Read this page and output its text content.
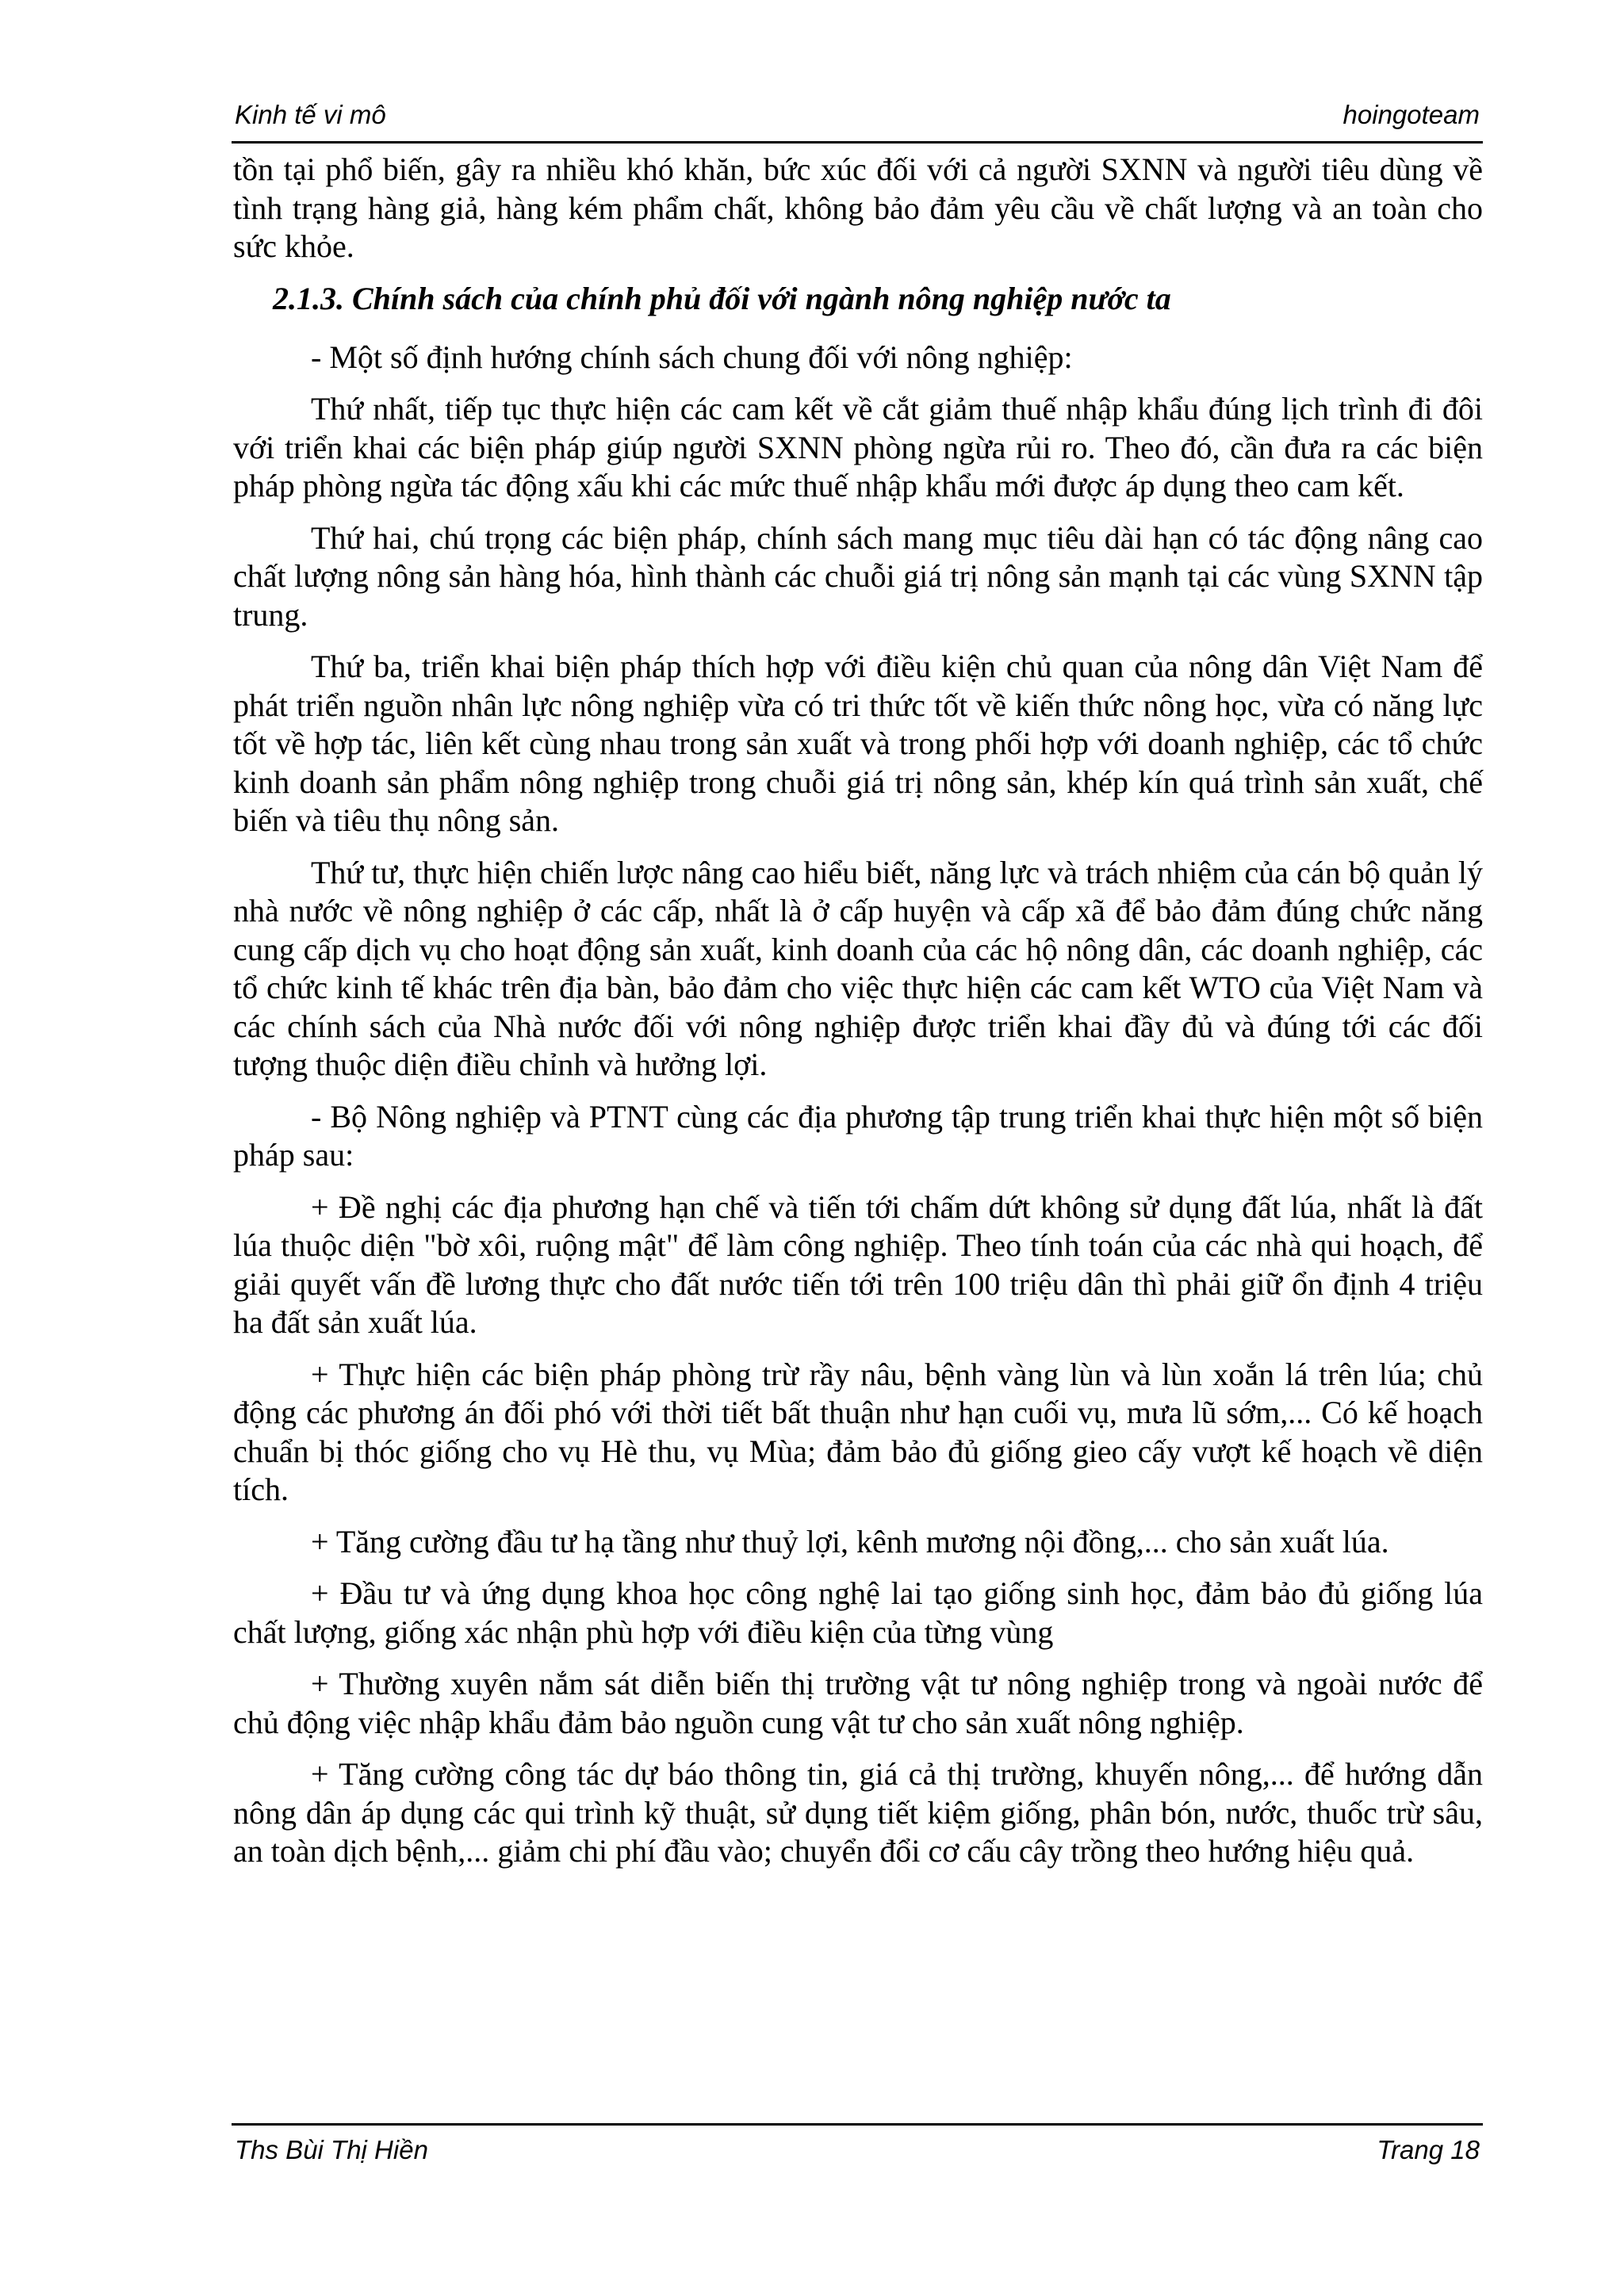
Kinh tế vi mô	hoingoteam

tồn tại phổ biến, gây ra nhiều khó khăn, bức xúc đối với cả người SXNN và người tiêu dùng về tình trạng hàng giả, hàng kém phẩm chất, không bảo đảm yêu cầu về chất lượng và an toàn cho sức khỏe.

2.1.3. Chính sách của chính phủ đối với ngành nông nghiệp nước ta

- Một số định hướng chính sách chung đối với nông nghiệp:

Thứ nhất, tiếp tục thực hiện các cam kết về cắt giảm thuế nhập khẩu đúng lịch trình đi đôi với triển khai các biện pháp giúp người SXNN phòng ngừa rủi ro. Theo đó, cần đưa ra các biện pháp phòng ngừa tác động xấu khi các mức thuế nhập khẩu mới được áp dụng theo cam kết.

Thứ hai, chú trọng các biện pháp, chính sách mang mục tiêu dài hạn có tác động nâng cao chất lượng nông sản hàng hóa, hình thành các chuỗi giá trị nông sản mạnh tại các vùng SXNN tập trung.

Thứ ba, triển khai biện pháp thích hợp với điều kiện chủ quan của nông dân Việt Nam để phát triển nguồn nhân lực nông nghiệp vừa có tri thức tốt về kiến thức nông học, vừa có năng lực tốt về hợp tác, liên kết cùng nhau trong sản xuất và trong phối hợp với doanh nghiệp, các tổ chức kinh doanh sản phẩm nông nghiệp trong chuỗi giá trị nông sản, khép kín quá trình sản xuất, chế biến và tiêu thụ nông sản.

Thứ tư, thực hiện chiến lược nâng cao hiểu biết, năng lực và trách nhiệm của cán bộ quản lý nhà nước về nông nghiệp ở các cấp, nhất là ở cấp huyện và cấp xã để bảo đảm đúng chức năng cung cấp dịch vụ cho hoạt động sản xuất, kinh doanh của các hộ nông dân, các doanh nghiệp, các tổ chức kinh tế khác trên địa bàn, bảo đảm cho việc thực hiện các cam kết WTO của Việt Nam và các chính sách của Nhà nước đối với nông nghiệp được triển khai đầy đủ và đúng tới các đối tượng thuộc diện điều chỉnh và hưởng lợi.

- Bộ Nông nghiệp và PTNT cùng các địa phương tập trung triển khai thực hiện một số biện pháp sau:

+ Đề nghị các địa phương hạn chế và tiến tới chấm dứt không sử dụng đất lúa, nhất là đất lúa thuộc diện "bờ xôi, ruộng mật" để làm công nghiệp. Theo tính toán của các nhà qui hoạch, để giải quyết vấn đề lương thực cho đất nước tiến tới trên 100 triệu dân thì phải giữ ổn định 4 triệu ha đất sản xuất lúa.

+ Thực hiện các biện pháp phòng trừ rầy nâu, bệnh vàng lùn và lùn xoắn lá trên lúa; chủ động các phương án đối phó với thời tiết bất thuận như hạn cuối vụ, mưa lũ sớm,... Có kế hoạch chuẩn bị thóc giống cho vụ Hè thu, vụ Mùa; đảm bảo đủ giống gieo cấy vượt kế hoạch về diện tích.

+ Tăng cường đầu tư hạ tầng như thuỷ lợi, kênh mương nội đồng,... cho sản xuất lúa.

+ Đầu tư và ứng dụng khoa học công nghệ lai tạo giống sinh học, đảm bảo đủ giống lúa chất lượng, giống xác nhận phù hợp với điều kiện của từng vùng

+ Thường xuyên nắm sát diễn biến thị trường vật tư nông nghiệp trong và ngoài nước để chủ động việc nhập khẩu đảm bảo nguồn cung vật tư cho sản xuất nông nghiệp.

+ Tăng cường công tác dự báo thông tin, giá cả thị trường, khuyến nông,... để hướng dẫn nông dân áp dụng các qui trình kỹ thuật, sử dụng tiết kiệm giống, phân bón, nước, thuốc trừ sâu, an toàn dịch bệnh,... giảm chi phí đầu vào; chuyển đổi cơ cấu cây trồng theo hướng hiệu quả.

Ths Bùi Thị Hiền	Trang 18
